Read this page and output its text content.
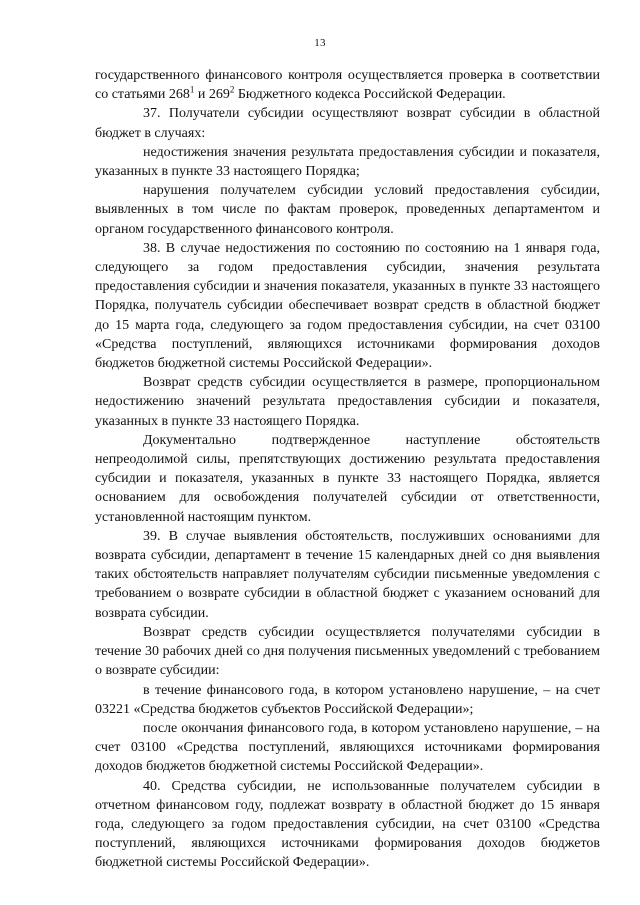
13

государственного финансового контроля осуществляется проверка в соответствии со статьями $268^1$ и $269^2$ Бюджетного кодекса Российской Федерации.

37. Получатели субсидии осуществляют возврат субсидии в областной бюджет в случаях:

недостижения значения результата предоставления субсидии и показателя, указанных в пункте 33 настоящего Порядка;

нарушения получателем субсидии условий предоставления субсидии, выявленных в том числе по фактам проверок, проведенных департаментом и органом государственного финансового контроля.

38. В случае недостижения по состоянию по состоянию на 1 января года, следующего за годом предоставления субсидии, значения результата предоставления субсидии и значения показателя, указанных в пункте 33 настоящего Порядка, получатель субсидии обеспечивает возврат средств в областной бюджет до 15 марта года, следующего за годом предоставления субсидии, на счет 03100 «Средства поступлений, являющихся источниками формирования доходов бюджетов бюджетной системы Российской Федерации».

Возврат средств субсидии осуществляется в размере, пропорциональном недостижению значений результата предоставления субсидии и показателя, указанных в пункте 33 настоящего Порядка.

Документально подтвержденное наступление обстоятельств непреодолимой силы, препятствующих достижению результата предоставления субсидии и показателя, указанных в пункте 33 настоящего Порядка, является основанием для освобождения получателей субсидии от ответственности, установленной настоящим пунктом.

39. В случае выявления обстоятельств, послуживших основаниями для возврата субсидии, департамент в течение 15 календарных дней со дня выявления таких обстоятельств направляет получателям субсидии письменные уведомления с требованием о возврате субсидии в областной бюджет с указанием оснований для возврата субсидии.

Возврат средств субсидии осуществляется получателями субсидии в течение 30 рабочих дней со дня получения письменных уведомлений с требованием о возврате субсидии:

в течение финансового года, в котором установлено нарушение, – на счет 03221 «Средства бюджетов субъектов Российской Федерации»;

после окончания финансового года, в котором установлено нарушение, – на счет 03100 «Средства поступлений, являющихся источниками формирования доходов бюджетов бюджетной системы Российской Федерации».

40. Средства субсидии, не использованные получателем субсидии в отчетном финансовом году, подлежат возврату в областной бюджет до 15 января года, следующего за годом предоставления субсидии, на счет 03100 «Средства поступлений, являющихся источниками формирования доходов бюджетов бюджетной системы Российской Федерации».
